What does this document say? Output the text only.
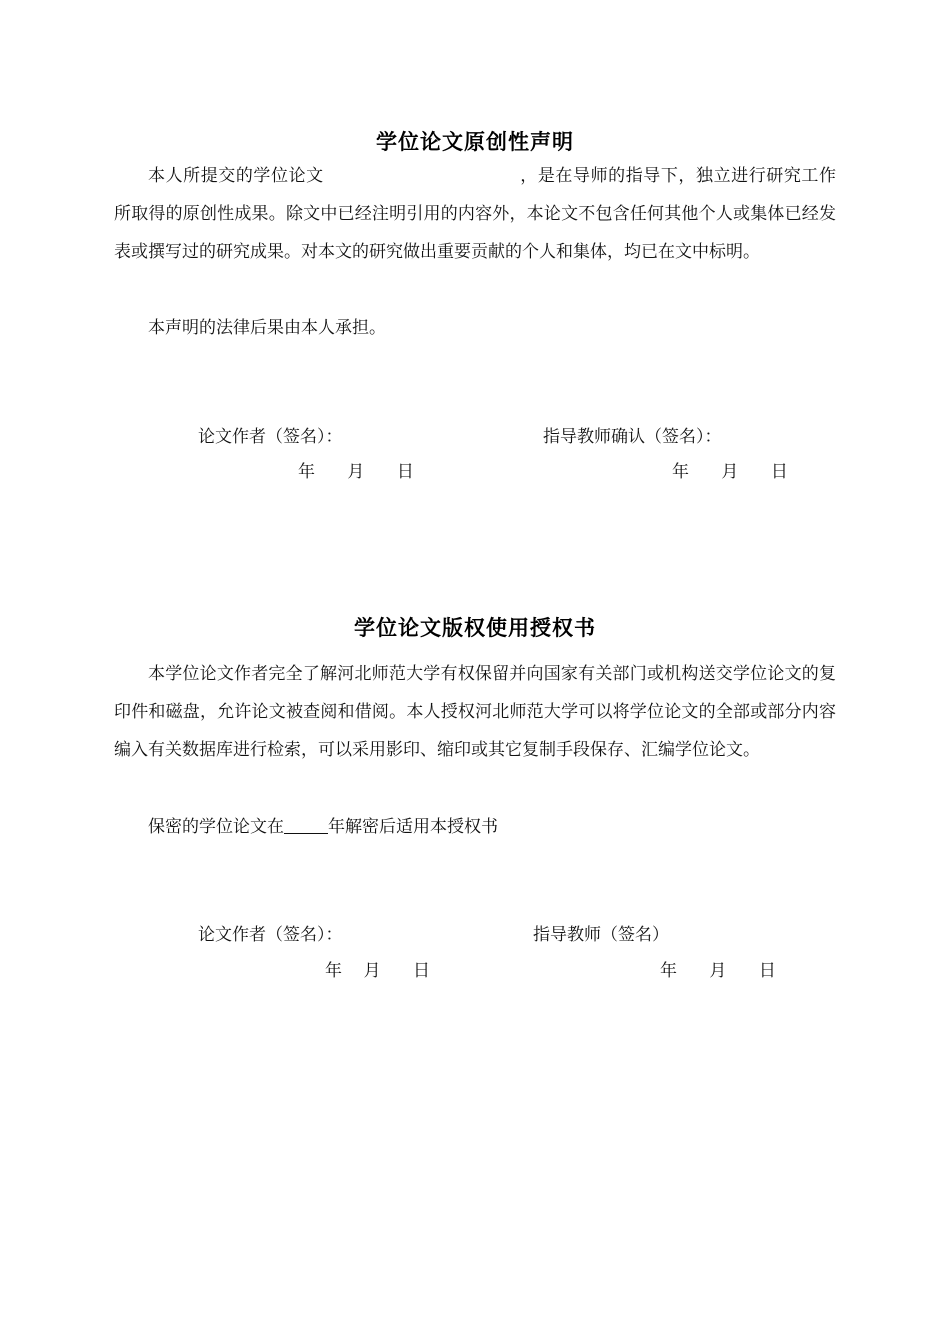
学位论文原创性声明

本人所提交的学位论文	，是在导师的指导下，独立进行研究工作所取得的原创性成果。除文中已经注明引用的内容外，本论文不包含任何其他个人或集体已经发表或撰写过的研究成果。对本文的研究做出重要贡献的个人和集体，均已在文中标明。

本声明的法律后果由本人承担。
论文作者（签名）：	指导教师确认（签名）：
年      月      日	年      月      日
学位论文版权使用授权书

本学位论文作者完全了解河北师范大学有权保留并向国家有关部门或机构送交学位论文的复印件和磁盘，允许论文被查阅和借阅。本人授权河北师范大学可以将学位论文的全部或部分内容编入有关数据库进行检索，可以采用影印、缩印或其它复制手段保存、汇编学位论文。

保密的学位论文在	年解密后适用本授权书
论文作者（签名）：	指导教师（签名）
年    月      日	年      月      日
